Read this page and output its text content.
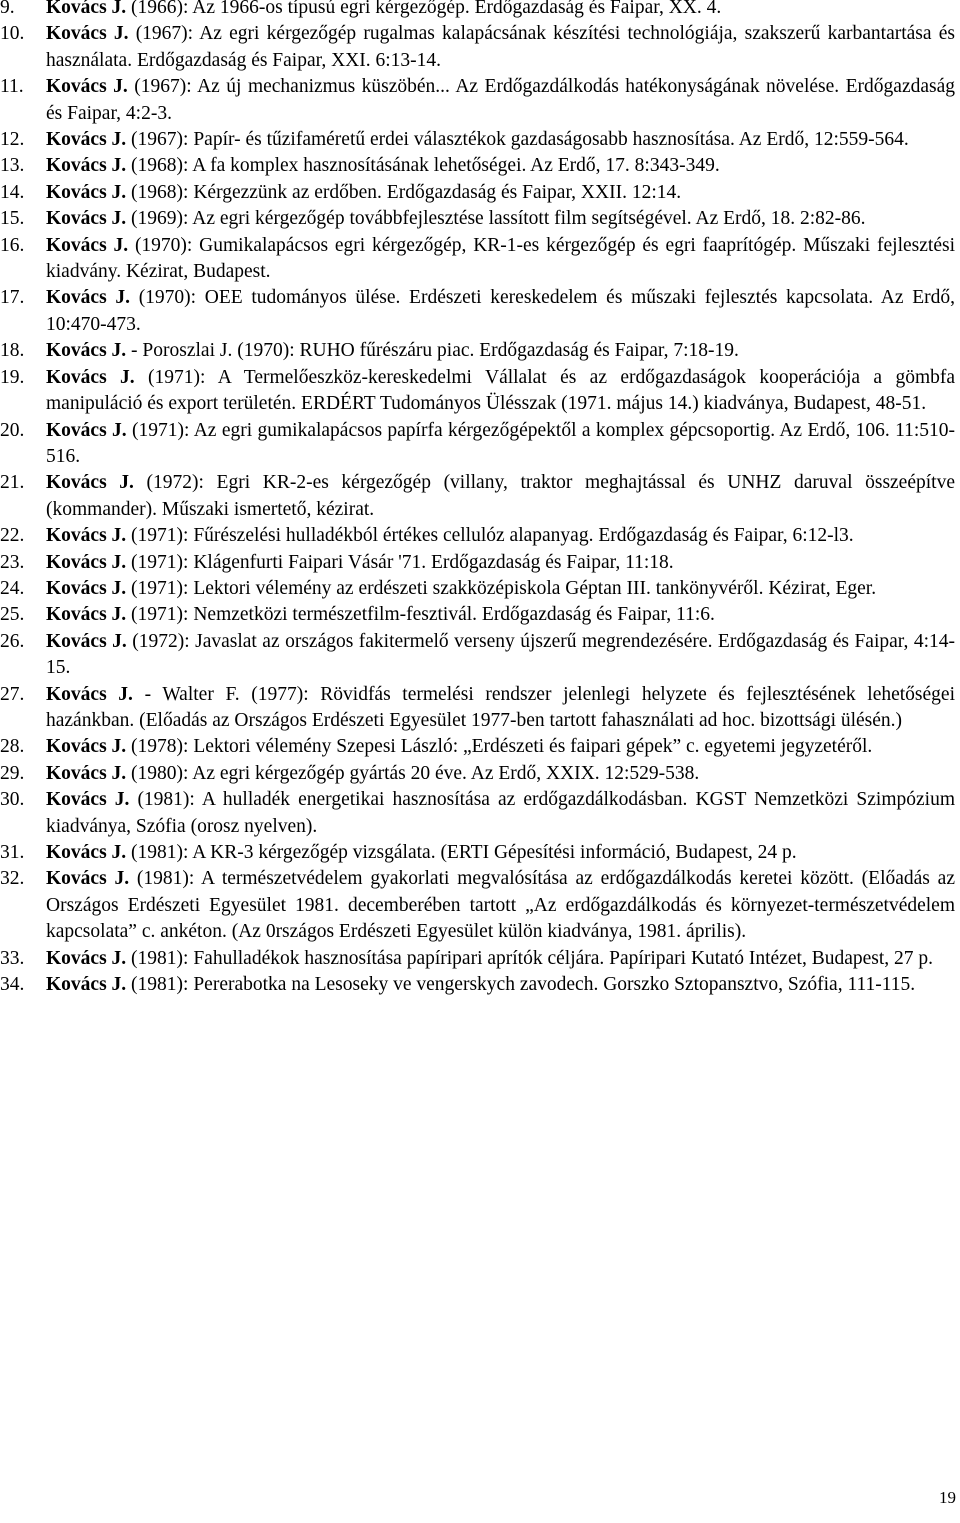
9.	Kovács J. (1966): Az 1966-os típusú egri kérgezőgép. Erdőgazdaság és Faipar, XX. 4.
10.	Kovács J. (1967): Az egri kérgezőgép rugalmas kalapácsának készítési technológiája, szakszerű karbantartása és használata. Erdőgazdaság és Faipar, XXI. 6:13-14.
11.	Kovács J. (1967): Az új mechanizmus küszöbén... Az Erdőgazdálkodás hatékonyságának növelése. Erdőgazdaság és Faipar, 4:2-3.
12.	Kovács J. (1967): Papír- és tűzifaméretű erdei választékok gazdaságosabb hasznosítása. Az Erdő, 12:559-564.
13.	Kovács J. (1968): A fa komplex hasznosításának lehetőségei. Az Erdő, 17. 8:343-349.
14.	Kovács J. (1968): Kérgezzünk az erdőben. Erdőgazdaság és Faipar, XXII. 12:14.
15.	Kovács J. (1969): Az egri kérgezőgép továbbfejlesztése lassított film segítségével. Az Erdő, 18. 2:82-86.
16.	Kovács J. (1970): Gumikalapácsos egri kérgezőgép, KR-1-es kérgezőgép és egri faaprítógép. Műszaki fejlesztési kiadvány. Kézirat, Budapest.
17.	Kovács J. (1970): OEE tudományos ülése. Erdészeti kereskedelem és műszaki fejlesztés kapcsolata. Az Erdő, 10:470-473.
18.	Kovács J. - Poroszlai J. (1970): RUHO fűrészáru piac. Erdőgazdaság és Faipar, 7:18-19.
19.	Kovács J. (1971): A Termelőeszköz-kereskedelmi Vállalat és az erdőgazdaságok kooperációja a gömbfa manipuláció és export területén. ERDÉRT Tudományos Ülésszak (1971. május 14.) kiadványa, Budapest, 48-51.
20.	Kovács J. (1971): Az egri gumikalapácsos papírfa kérgezőgépektől a komplex gépcsoportig. Az Erdő, 106. 11:510-516.
21.	Kovács J. (1972): Egri KR-2-es kérgezőgép (villany, traktor meghajtással és UNHZ daruval összeépítve (kommander). Műszaki ismertető, kézirat.
22.	Kovács J. (1971): Fűrészelési hulladékból értékes cellulóz alapanyag. Erdőgazdaság és Faipar, 6:12-l3.
23.	Kovács J. (1971): Klágenfurti Faipari Vásár '71. Erdőgazdaság és Faipar, 11:18.
24.	Kovács J. (1971): Lektori vélemény az erdészeti szakközépiskola Géptan III. tankönyvéről. Kézirat, Eger.
25.	Kovács J. (1971): Nemzetközi természetfilm-fesztivál. Erdőgazdaság és Faipar, 11:6.
26.	Kovács J. (1972): Javaslat az országos fakitermelő verseny újszerű megrendezésére. Erdőgazdaság és Faipar, 4:14-15.
27.	Kovács J. - Walter F. (1977): Rövidfás termelési rendszer jelenlegi helyzete és fejlesztésének lehetőségei hazánkban. (Előadás az Országos Erdészeti Egyesület 1977-ben tartott fahasználati ad hoc. bizottsági ülésén.)
28.	Kovács J. (1978): Lektori vélemény Szepesi László: „Erdészeti és faipari gépek” c. egyetemi jegyzetéről.
29.	Kovács J. (1980): Az egri kérgezőgép gyártás 20 éve. Az Erdő, XXIX. 12:529-538.
30.	Kovács J. (1981): A hulladék energetikai hasznosítása az erdőgazdálkodásban. KGST Nemzetközi Szimpózium kiadványa, Szófia (orosz nyelven).
31.	Kovács J. (1981): A KR-3 kérgezőgép vizsgálata. (ERTI Gépesítési információ, Budapest, 24 p.
32.	Kovács J. (1981): A természetvédelem gyakorlati megvalósítása az erdőgazdálkodás keretei között. (Előadás az Országos Erdészeti Egyesület 1981. decemberében tartott „Az erdőgazdálkodás és környezet-természetvédelem kapcsolata” c. ankéton. (Az 0rszágos Erdészeti Egyesület külön kiadványa, 1981. április).
33.	Kovács J. (1981): Fahulladékok hasznosítása papíripari aprítók céljára. Papíripari Kutató Intézet, Budapest, 27 p.
34.	Kovács J. (1981): Pererabotka na Lesoseky ve vengerskych zavodech. Gorszko Sztopansztvo, Szófia, 111-115.
19
